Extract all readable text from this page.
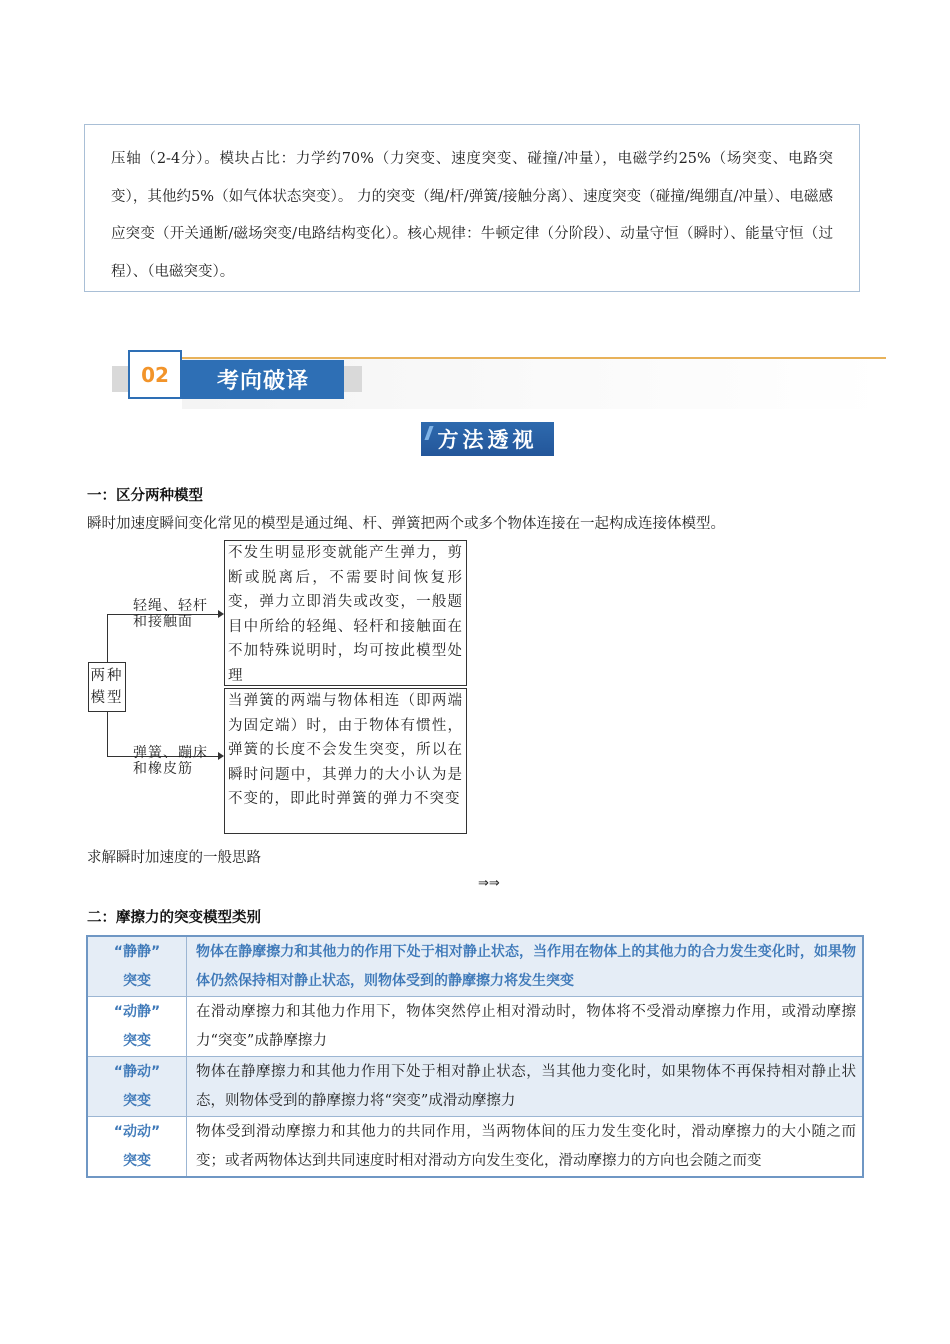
压轴（2-4分）。模块占比：力学约70%（力突变、速度突变、碰撞/冲量），电磁学约25%（场突变、电路突变），其他约5%（如气体状态突变）。 力的突变（绳/杆/弹簧/接触分离）、速度突变（碰撞/绳绷直/冲量）、电磁感应突变（开关通断/磁场突变/电路结构变化）。核心规律：牛顿定律（分阶段）、动量守恒（瞬时）、能量守恒（过程）、（电磁突变）。
02	考向破译
方法透视
一：区分两种模型
瞬时加速度瞬间变化常见的模型是通过绳、杆、弹簧把两个或多个物体连接在一起构成连接体模型。
两种
模型
轻绳、轻杆
和接触面
弹簧、蹦床
和橡皮筋
不发生明显形变就能产生弹力，剪断或脱离后，不需要时间恢复形变，弹力立即消失或改变，一般题目中所给的轻绳、轻杆和接触面在不加特殊说明时，均可按此模型处理
当弹簧的两端与物体相连（即两端为固定端）时，由于物体有惯性，弹簧的长度不会发生突变，所以在瞬时问题中，其弹力的大小认为是不变的，即此时弹簧的弹力不突变
求解瞬时加速度的一般思路
⇒⇒
二：摩擦力的突变模型类别
“静静”
突变	物体在静摩擦力和其他力的作用下处于相对静止状态，当作用在物体上的其他力的合力发生变化时，如果物体仍然保持相对静止状态，则物体受到的静摩擦力将发生突变

“动静”
突变	在滑动摩擦力和其他力作用下，物体突然停止相对滑动时，物体将不受滑动摩擦力作用，或滑动摩擦力“突变”成静摩擦力

“静动”
突变	物体在静摩擦力和其他力作用下处于相对静止状态，当其他力变化时，如果物体不再保持相对静止状态，则物体受到的静摩擦力将“突变”成滑动摩擦力

“动动”
突变	物体受到滑动摩擦力和其他力的共同作用，当两物体间的压力发生变化时，滑动摩擦力的大小随之而变；或者两物体达到共同速度时相对滑动方向发生变化，滑动摩擦力的方向也会随之而变
